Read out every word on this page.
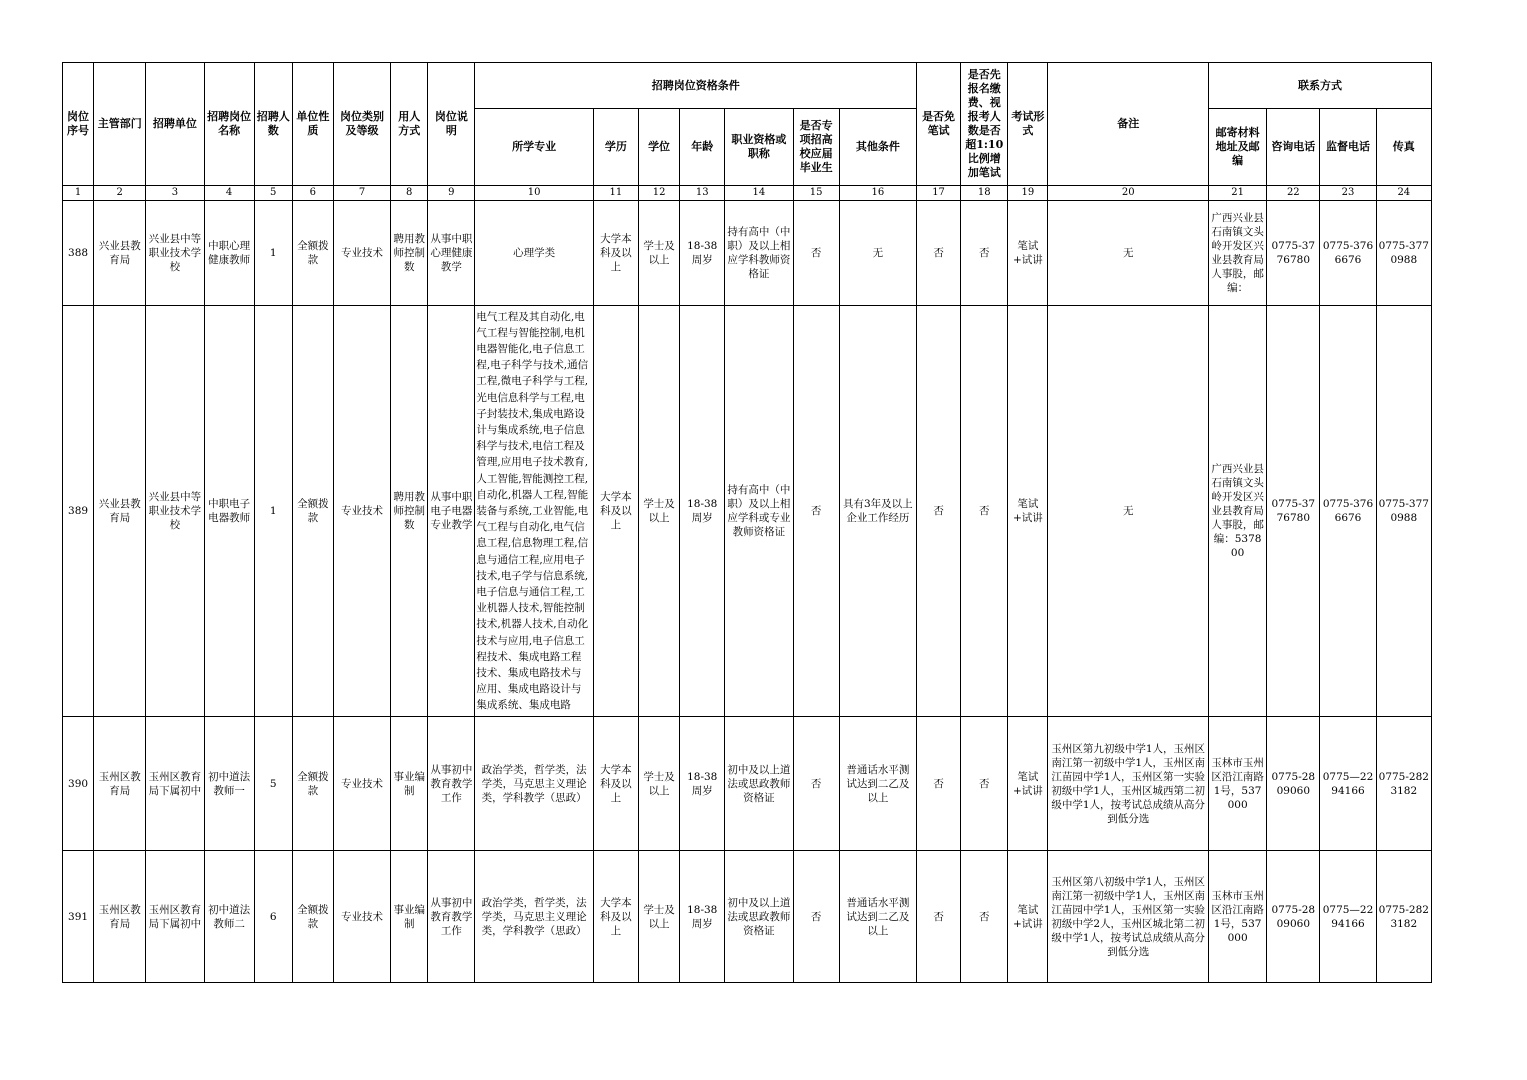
岗位序号	主管部门	招聘单位	招聘岗位名称	招聘人数	单位性质	岗位类别及等级	用人方式	岗位说明	招聘岗位资格条件							是否免笔试	是否先报名缴费、视报考人数是否超1:10比例增加笔试	考试形式	备注	联系方式			
									所学专业	学历	学位	年龄	职业资格或职称	是否专项招高校应届毕业生	其他条件					邮寄材料地址及邮编	咨询电话	监督电话	传真
1	2	3	4	5	6	7	8	9	10	11	12	13	14	15	16	17	18	19	20	21	22	23	24
388	兴业县教育局	兴业县中等职业技术学校	中职心理健康教师	1	全额拨款	专业技术	聘用教师控制数	从事中职心理健康教学	心理学类	大学本科及以上	学士及以上	18-38周岁	持有高中（中职）及以上相应学科教师资格证	否	无	否	否	笔试+试讲	无	广西兴业县石南镇文头岭开发区兴业县教育局人事股，邮编：	0775-3776780	0775-3766676	0775-3770988
389	兴业县教育局	兴业县中等职业技术学校	中职电子电器教师	1	全额拨款	专业技术	聘用教师控制数	从事中职电子电器专业教学	电气工程及其自动化,电气工程与智能控制,电机电器智能化,电子信息工程,电子科学与技术,通信工程,微电子科学与工程,光电信息科学与工程,电子封装技术,集成电路设计与集成系统,电子信息科学与技术,电信工程及管理,应用电子技术教育,人工智能,智能测控工程,自动化,机器人工程,智能装备与系统,工业智能,电气工程与自动化,电气信息工程,信息物理工程,信息与通信工程,应用电子技术,电子学与信息系统,电子信息与通信工程,工业机器人技术,智能控制技术,机器人技术,自动化技术与应用,电子信息工程技术、集成电路工程技术、集成电路技术与应用、集成电路设计与集成系统、集成电路	大学本科及以上	学士及以上	18-38周岁	持有高中（中职）及以上相应学科或专业教师资格证	否	具有3年及以上企业工作经历	否	否	笔试+试讲	无	广西兴业县石南镇文头岭开发区兴业县教育局人事股，邮编：537800	0775-3776780	0775-3766676	0775-3770988
390	玉州区教育局	玉州区教育局下属初中	初中道法教师一	5	全额拨款	专业技术	事业编制	从事初中教育教学工作	政治学类，哲学类，法学类，马克思主义理论类，学科教学（思政）	大学本科及以上	学士及以上	18-38周岁	初中及以上道法或思政教师资格证	否	普通话水平测试达到二乙及以上	否	否	笔试+试讲	玉州区第九初级中学1人，玉州区南江第一初级中学1人，玉州区南江苗园中学1人，玉州区第一实验初级中学1人，玉州区城西第二初级中学1人，按考试总成绩从高分到低分选	玉林市玉州区沿江南路1号，537000	0775-2809060	0775—2294166	0775-2823182
391	玉州区教育局	玉州区教育局下属初中	初中道法教师二	6	全额拨款	专业技术	事业编制	从事初中教育教学工作	政治学类，哲学类，法学类，马克思主义理论类，学科教学（思政）	大学本科及以上	学士及以上	18-38周岁	初中及以上道法或思政教师资格证	否	普通话水平测试达到二乙及以上	否	否	笔试+试讲	玉州区第八初级中学1人，玉州区南江第一初级中学1人，玉州区南江苗园中学1人，玉州区第一实验初级中学2人，玉州区城北第二初级中学1人，按考试总成绩从高分到低分选	玉林市玉州区沿江南路1号，537000	0775-2809060	0775—2294166	0775-2823182
